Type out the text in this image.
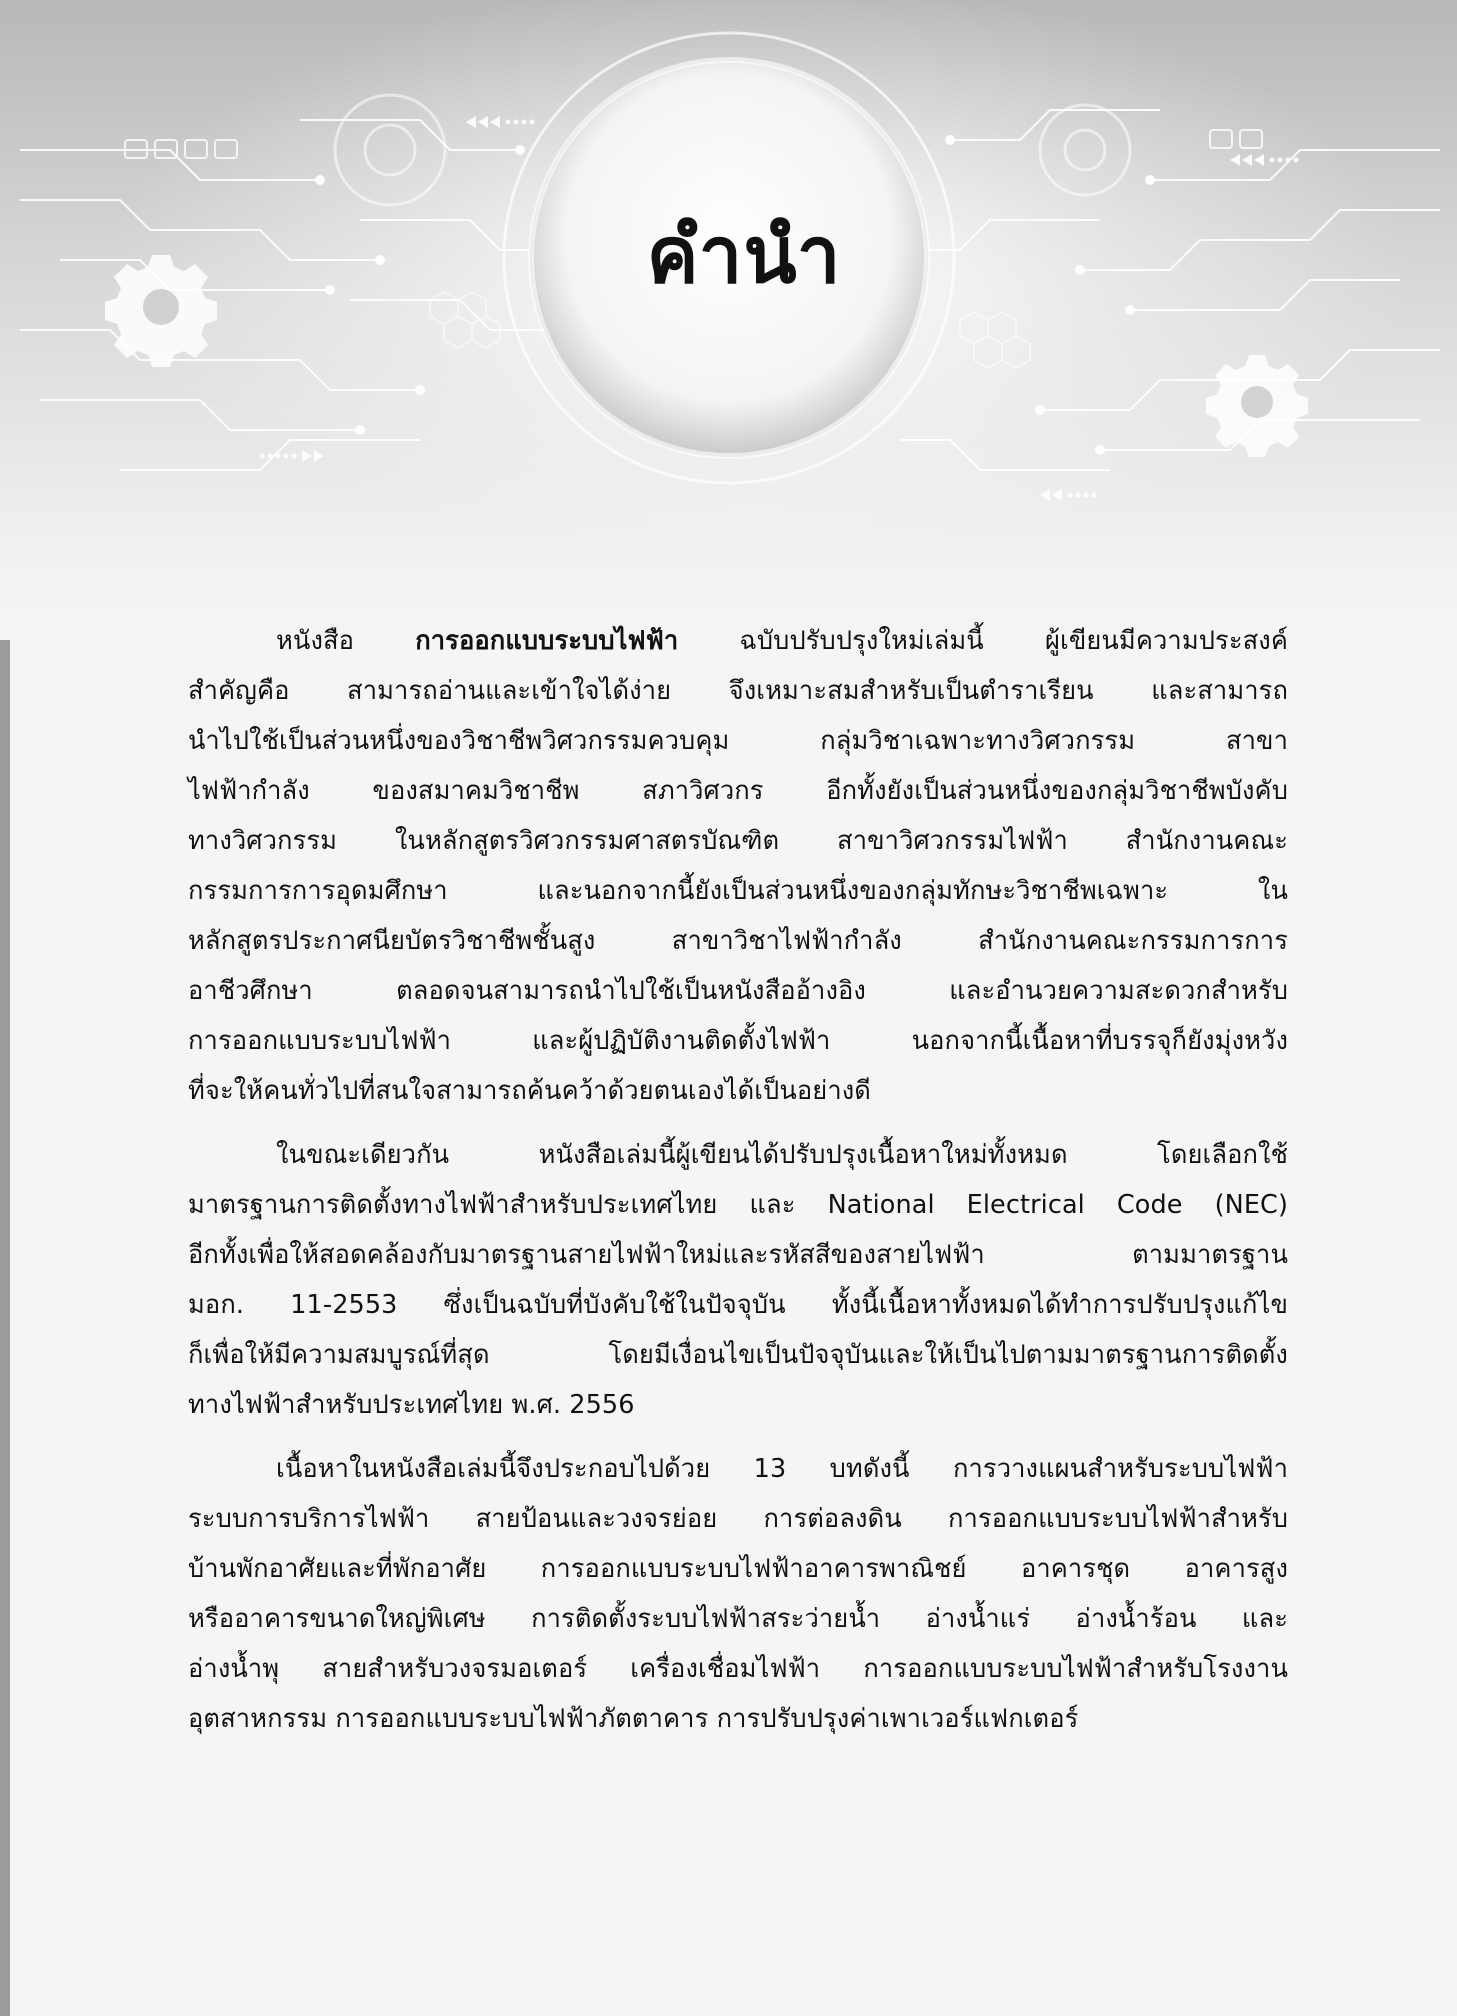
คำนำ
หนังสือ การออกแบบระบบไฟฟ้า ฉบับปรับปรุงใหม่เล่มนี้ ผู้เขียนมีความประสงค์
สำคัญคือ สามารถอ่านและเข้าใจได้ง่าย จึงเหมาะสมสำหรับเป็นตำราเรียน และสามารถ
นำไปใช้เป็นส่วนหนึ่งของวิชาชีพวิศวกรรมควบคุม กลุ่มวิชาเฉพาะทางวิศวกรรม สาขา
ไฟฟ้ากำลัง ของสมาคมวิชาชีพ สภาวิศวกร อีกทั้งยังเป็นส่วนหนึ่งของกลุ่มวิชาชีพบังคับ
ทางวิศวกรรม ในหลักสูตรวิศวกรรมศาสตรบัณฑิต สาขาวิศวกรรมไฟฟ้า สำนักงานคณะ
กรรมการการอุดมศึกษา และนอกจากนี้ยังเป็นส่วนหนึ่งของกลุ่มทักษะวิชาชีพเฉพาะ ใน
หลักสูตรประกาศนียบัตรวิชาชีพชั้นสูง สาขาวิชาไฟฟ้ากำลัง สำนักงานคณะกรรมการการ
อาชีวศึกษา ตลอดจนสามารถนำไปใช้เป็นหนังสืออ้างอิง และอำนวยความสะดวกสำหรับ
การออกแบบระบบไฟฟ้า และผู้ปฏิบัติงานติดตั้งไฟฟ้า นอกจากนี้เนื้อหาที่บรรจุก็ยังมุ่งหวัง
ที่จะให้คนทั่วไปที่สนใจสามารถค้นคว้าด้วยตนเองได้เป็นอย่างดี
ในขณะเดียวกัน หนังสือเล่มนี้ผู้เขียนได้ปรับปรุงเนื้อหาใหม่ทั้งหมด โดยเลือกใช้
มาตรฐานการติดตั้งทางไฟฟ้าสำหรับประเทศไทย และ National Electrical Code (NEC)
อีกทั้งเพื่อให้สอดคล้องกับมาตรฐานสายไฟฟ้าใหม่และรหัสสีของสายไฟฟ้า ตามมาตรฐาน
มอก. 11-2553 ซึ่งเป็นฉบับที่บังคับใช้ในปัจจุบัน ทั้งนี้เนื้อหาทั้งหมดได้ทำการปรับปรุงแก้ไข
ก็เพื่อให้มีความสมบูรณ์ที่สุด โดยมีเงื่อนไขเป็นปัจจุบันและให้เป็นไปตามมาตรฐานการติดตั้ง
ทางไฟฟ้าสำหรับประเทศไทย พ.ศ. 2556
เนื้อหาในหนังสือเล่มนี้จึงประกอบไปด้วย 13 บทดังนี้ การวางแผนสำหรับระบบไฟฟ้า
ระบบการบริการไฟฟ้า สายป้อนและวงจรย่อย การต่อลงดิน การออกแบบระบบไฟฟ้าสำหรับ
บ้านพักอาศัยและที่พักอาศัย การออกแบบระบบไฟฟ้าอาคารพาณิชย์ อาคารชุด อาคารสูง
หรืออาคารขนาดใหญ่พิเศษ การติดตั้งระบบไฟฟ้าสระว่ายน้ำ อ่างน้ำแร่ อ่างน้ำร้อน และ
อ่างน้ำพุ สายสำหรับวงจรมอเตอร์ เครื่องเชื่อมไฟฟ้า การออกแบบระบบไฟฟ้าสำหรับโรงงาน
อุตสาหกรรม การออกแบบระบบไฟฟ้าภัตตาคาร การปรับปรุงค่าเพาเวอร์แฟกเตอร์
